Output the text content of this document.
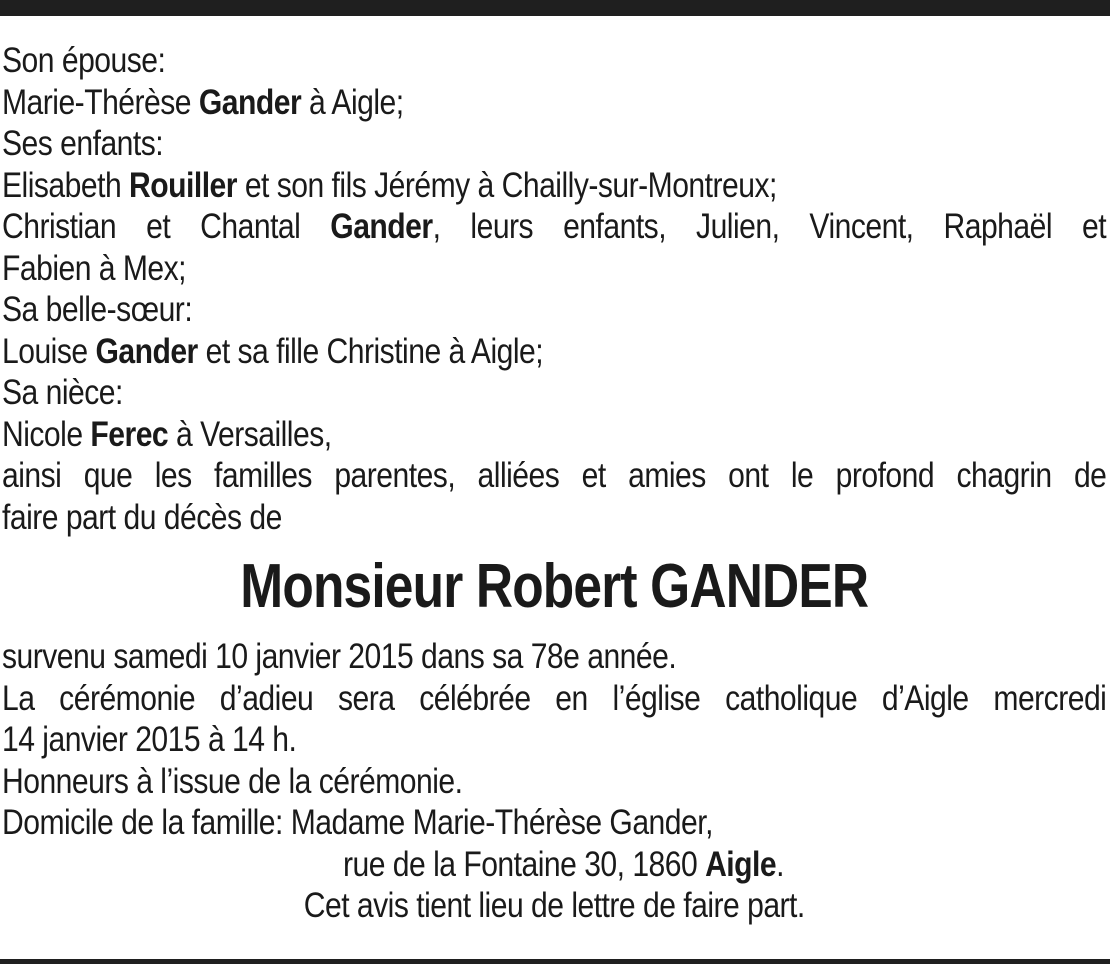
Son épouse:
Marie-Thérèse Gander à Aigle;
Ses enfants:
Elisabeth Rouiller et son fils Jérémy à Chailly-sur-Montreux;
Christian et Chantal Gander, leurs enfants, Julien, Vincent, Raphaël et
Fabien à Mex;
Sa belle-sœur:
Louise Gander et sa fille Christine à Aigle;
Sa nièce:
Nicole Ferec à Versailles,
ainsi que les familles parentes, alliées et amies ont le profond chagrin de
faire part du décès de
Monsieur Robert GANDER
survenu samedi 10 janvier 2015 dans sa 78e année.
La cérémonie d’adieu sera célébrée en l’église catholique d’Aigle mercredi
14 janvier 2015 à 14 h.
Honneurs à l’issue de la cérémonie.
Domicile de la famille: Madame Marie-Thérèse Gander,
rue de la Fontaine 30, 1860 Aigle.
Cet avis tient lieu de lettre de faire part.
